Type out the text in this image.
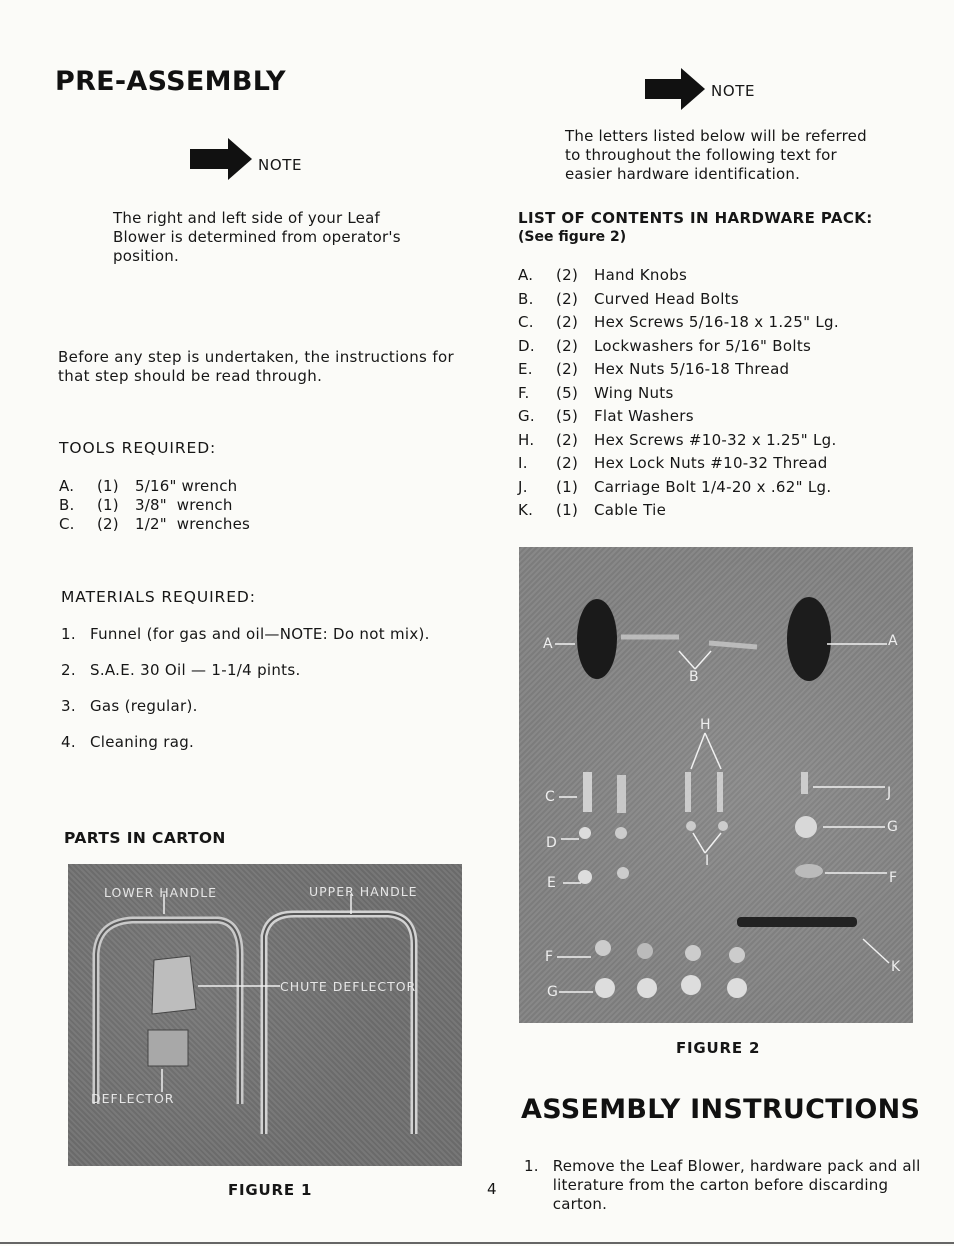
PRE-ASSEMBLY
NOTE
The right and left side of your Leaf
Blower is determined from operator's
position.
Before any step is undertaken, the instructions for
that step should be read through.
TOOLS REQUIRED:
A.	(1)	5/16" wrench
B.	(1)	3/8"  wrench
C.	(2)	1/2"  wrenches
MATERIALS REQUIRED:
1. Funnel (for gas and oil—NOTE: Do not mix).
2. S.A.E. 30 Oil — 1-1/4 pints.
3. Gas (regular).
4. Cleaning rag.
PARTS IN CARTON
LOWER HANDLE	UPPER HANDLE
CHUTE DEFLECTOR
DEFLECTOR
FIGURE 1	4
NOTE
The letters listed below will be referred
to throughout the following text for
easier hardware identification.
LIST OF CONTENTS IN HARDWARE PACK:
(See figure 2)
A.	(2)	Hand Knobs
B.	(2)	Curved Head Bolts
C.	(2)	Hex Screws 5/16-18 x 1.25" Lg.
D.	(2)	Lockwashers for 5/16" Bolts
E.	(2)	Hex Nuts 5/16-18 Thread
F.	(5)	Wing Nuts
G.	(5)	Flat Washers
H.	(2)	Hex Screws #10-32 x 1.25" Lg.
I.	(2)	Hex Lock Nuts #10-32 Thread
J.	(1)	Carriage Bolt 1/4-20 x .62" Lg.
K.	(1)	Cable Tie
A	A
B
H
C	J
D
G
I
E	F
K
F
G
FIGURE 2
ASSEMBLY INSTRUCTIONS
1. Remove the Leaf Blower, hardware pack and all
literature from the carton before discarding carton.
